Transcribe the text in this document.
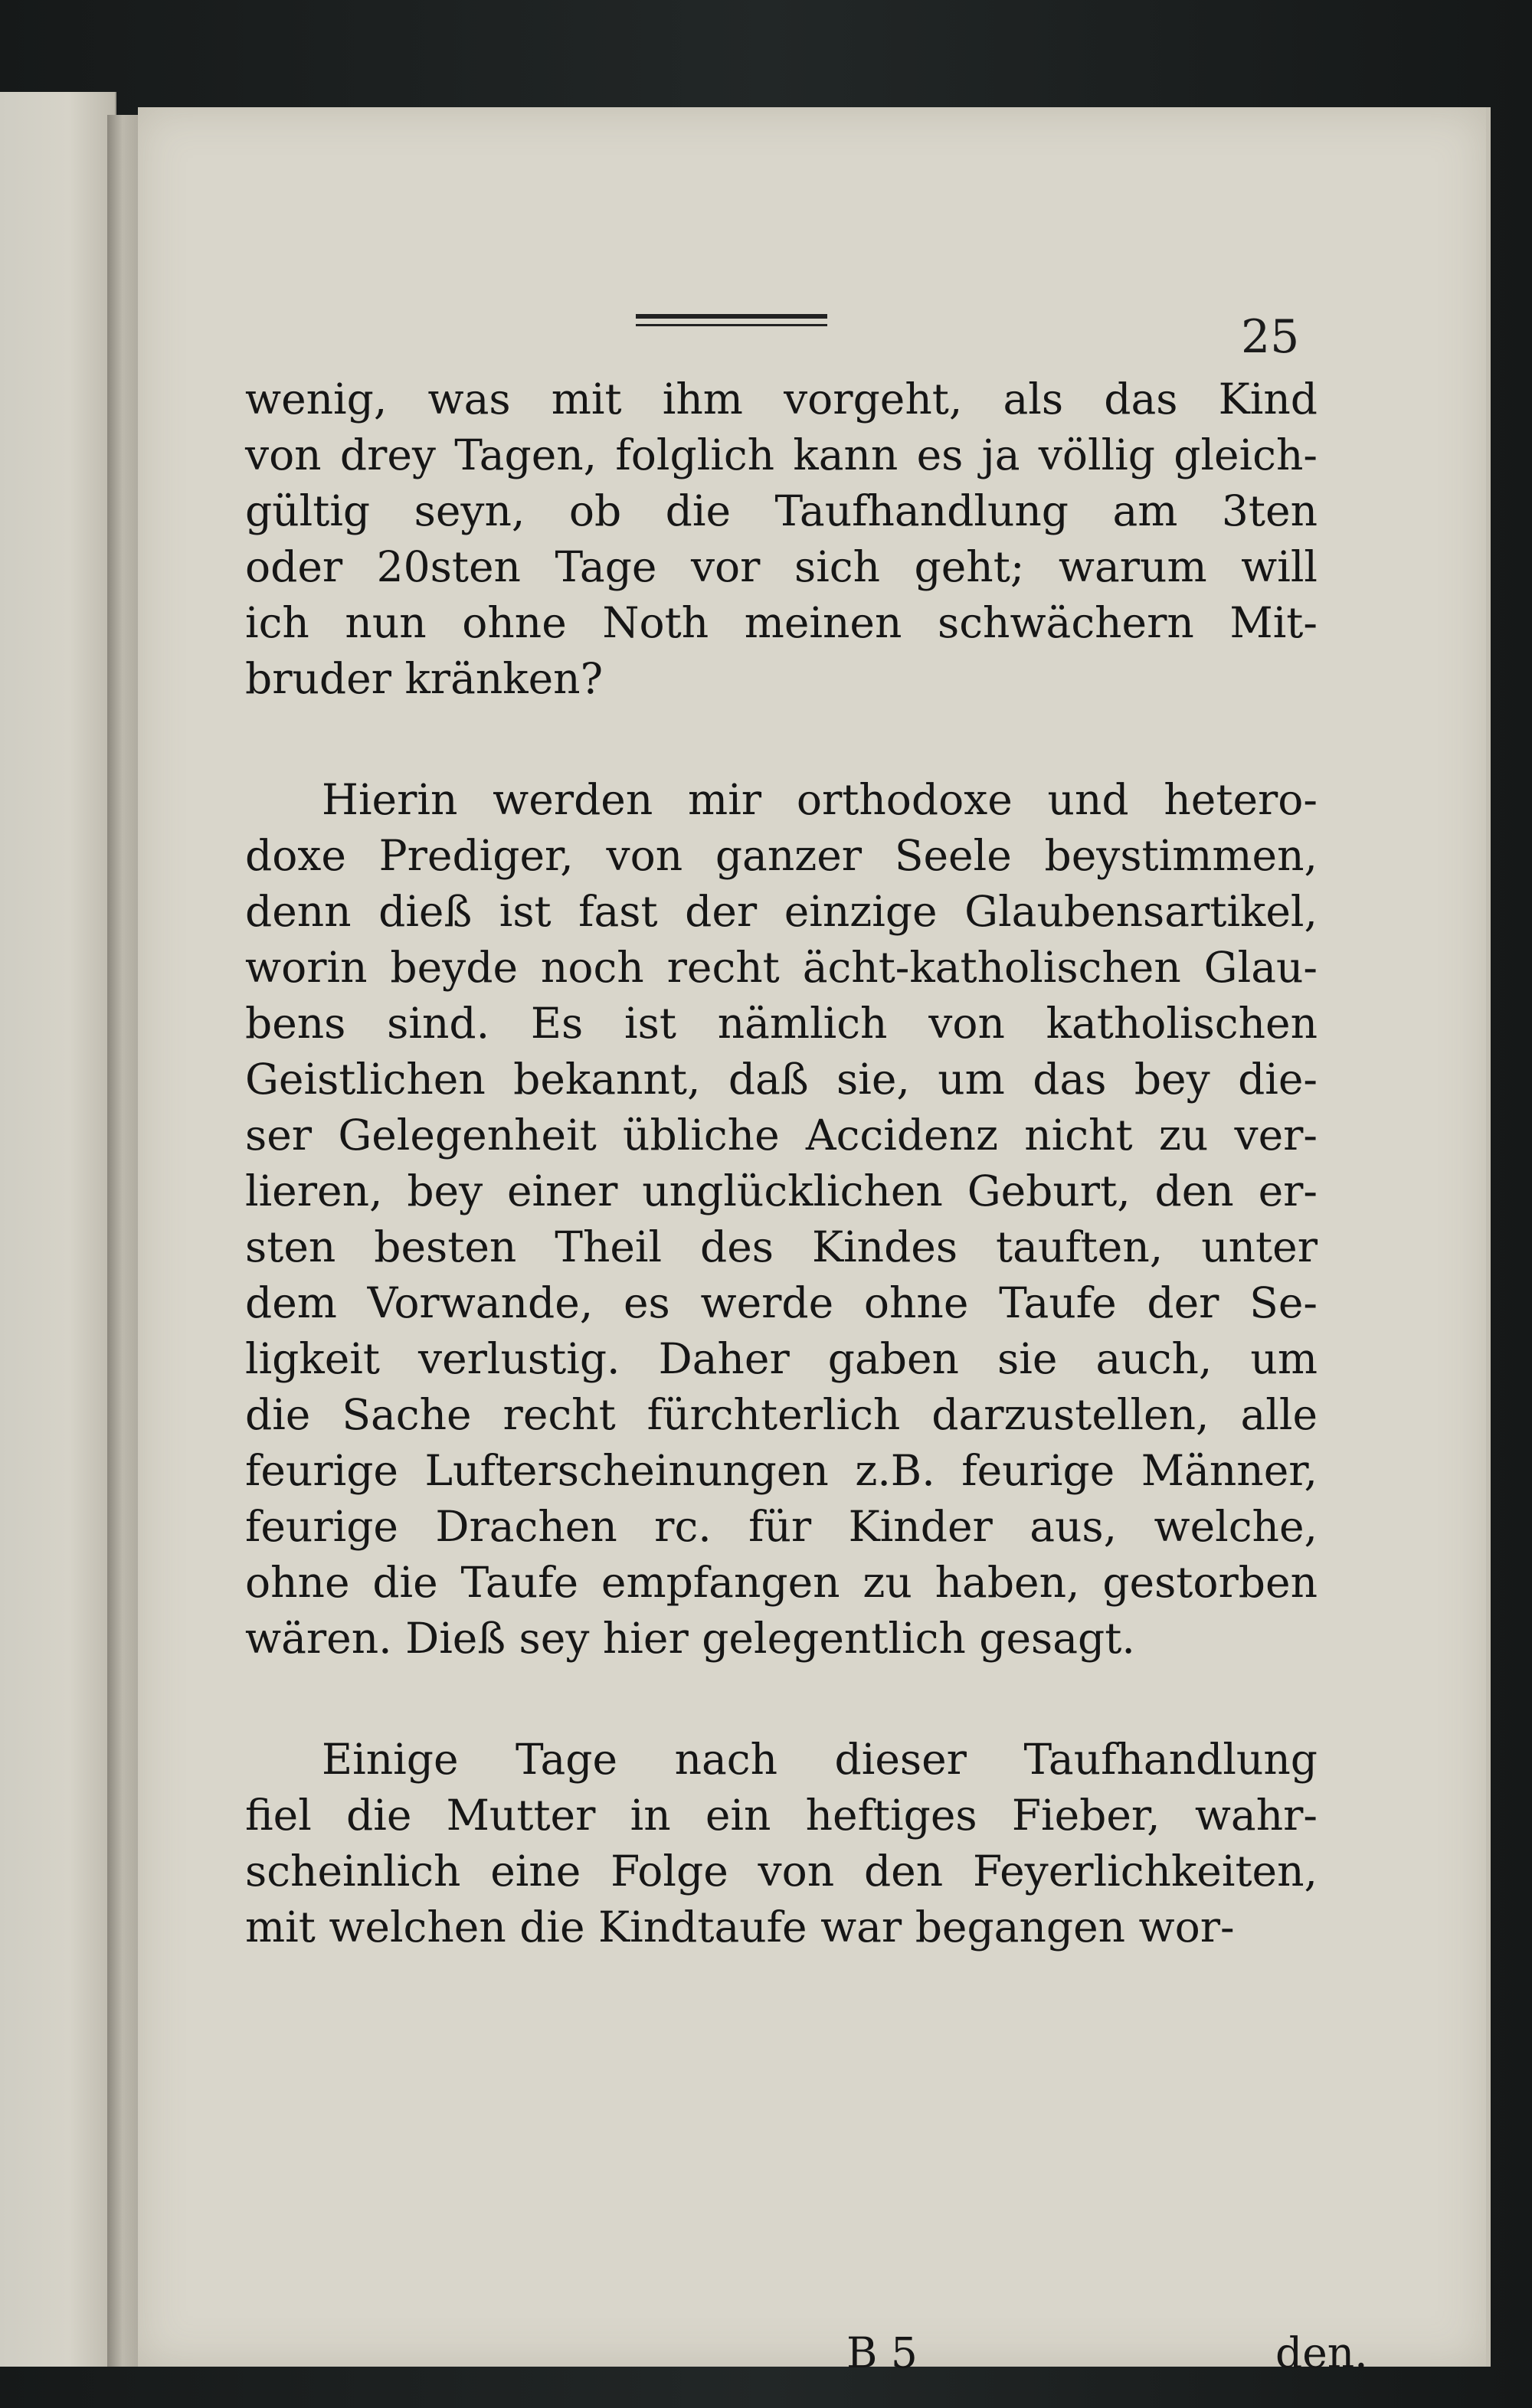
25
wenig, was mit ihm vorgeht, als das Kind
von drey Tagen, folglich kann es ja völlig gleich-
gültig seyn, ob die Taufhandlung am 3ten
oder 20sten Tage vor sich geht; warum will
ich nun ohne Noth meinen schwächern Mit-
bruder kränken?
Hierin werden mir orthodoxe und hetero-
doxe Prediger, von ganzer Seele beystimmen,
denn dieß ist fast der einzige Glaubensartikel,
worin beyde noch recht ächt-katholischen Glau-
bens sind. Es ist nämlich von katholischen
Geistlichen bekannt, daß sie, um das bey die-
ser Gelegenheit übliche Accidenz nicht zu ver-
lieren, bey einer unglücklichen Geburt, den er-
sten besten Theil des Kindes tauften, unter
dem Vorwande, es werde ohne Taufe der Se-
ligkeit verlustig. Daher gaben sie auch, um
die Sache recht fürchterlich darzustellen, alle
feurige Lufterscheinungen z.B. feurige Männer,
feurige Drachen rc. für Kinder aus, welche,
ohne die Taufe empfangen zu haben, gestorben
wären. Dieß sey hier gelegentlich gesagt.
Einige Tage nach dieser Taufhandlung
fiel die Mutter in ein heftiges Fieber, wahr-
scheinlich eine Folge von den Feyerlichkeiten,
mit welchen die Kindtaufe war begangen wor-
B 5	den.
